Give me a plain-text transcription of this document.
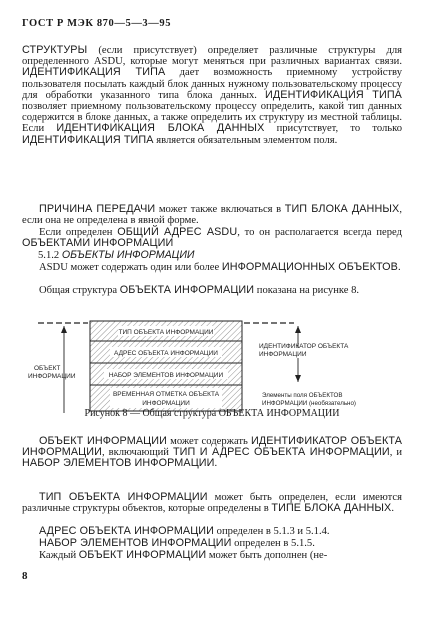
ГОСТ Р МЭК 870—5—3—95
СТРУКТУРЫ (если присутствует) определяет различные структуры для определенного ASDU, которые могут меняться при различных вариантах связи. ИДЕНТИФИКАЦИЯ ТИПА дает возможность приемному устройству пользователя посылать каждый блок данных нужному пользовательскому процессу для обработки указанного типа блока данных. ИДЕНТИФИКАЦИЯ ТИПА позволяет приемному пользовательскому процессу определить, какой тип данных содержится в блоке данных, а также определить их структуру из местной таблицы. Если ИДЕНТИФИКАЦИЯ БЛОКА ДАННЫХ присутствует, то только ИДЕНТИФИКАЦИЯ ТИПА является обязательным элементом поля.
ПРИЧИНА ПЕРЕДАЧИ может также включаться в ТИП БЛОКА ДАННЫХ, если она не определена в явной форме.
Если определен ОБЩИЙ АДРЕС ASDU, то он располагается всегда перед ОБЪЕКТАМИ ИНФОРМАЦИИ
5.1.2 ОБЪЕКТЫ ИНФОРМАЦИИ
ASDU может содержать один или более ИНФОРМАЦИОННЫХ ОБЪЕКТОВ.
Общая структура ОБЪЕКТА ИНФОРМАЦИИ показана на рисунке 8.
ОБЪЕКТ
ИНФОРМАЦИИ
ТИП ОБЪЕКТА ИНФОРМАЦИИ
АДРЕС ОБЪЕКТА ИНФОРМАЦИИ
НАБОР ЭЛЕМЕНТОВ ИНФОРМАЦИИ
ВРЕМЕННАЯ ОТМЕТКА ОБЪЕКТА
ИНФОРМАЦИИ
ИДЕНТИФИКАТОР ОБЪЕКТА
ИНФОРМАЦИИ
Элементы поля ОБЪЕКТОВ
ИНФОРМАЦИИ (необязательно)
Рисунок 8 — Общая структура ОБЪЕКТА ИНФОРМАЦИИ
ОБЪЕКТ ИНФОРМАЦИИ может содержать ИДЕНТИФИКАТОР ОБЪЕКТА ИНФОРМАЦИИ, включающий ТИП И АДРЕС ОБЪЕКТА ИНФОРМАЦИИ, и НАБОР ЭЛЕМЕНТОВ ИНФОРМАЦИИ.
ТИП ОБЪЕКТА ИНФОРМАЦИИ может быть определен, если имеются различные структуры объектов, которые определены в ТИПЕ БЛОКА ДАННЫХ.
АДРЕС ОБЪЕКТА ИНФОРМАЦИИ определен в 5.1.3 и 5.1.4.
НАБОР ЭЛЕМЕНТОВ ИНФОРМАЦИИ определен в 5.1.5.
Каждый ОБЪЕКТ ИНФОРМАЦИИ может быть дополнен (не-
8
